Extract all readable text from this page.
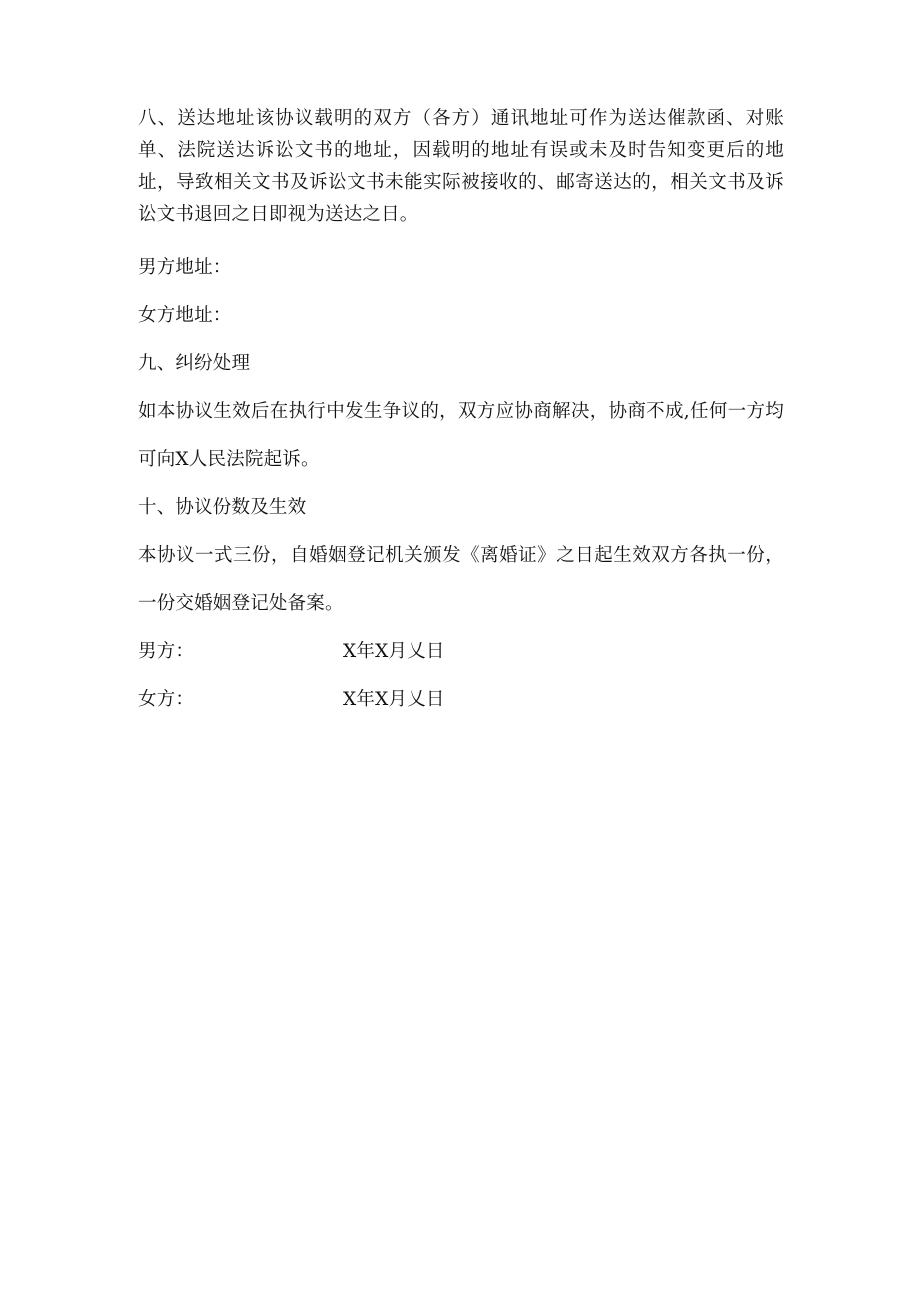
八、送达地址该协议载明的双方（各方）通讯地址可作为送达催款函、对账单、法院送达诉讼文书的地址，因载明的地址有误或未及时告知变更后的地址，导致相关文书及诉讼文书未能实际被接收的、邮寄送达的，相关文书及诉讼文书退回之日即视为送达之日。

男方地址：

女方地址：

九、纠纷处理

如本协议生效后在执行中发生争议的，双方应协商解决，协商不成,任何一方均可向X人民法院起诉。

十、协议份数及生效

本协议一式三份，自婚姻登记机关颁发《离婚证》之日起生效双方各执一份，一份交婚姻登记处备案。

男方：	X年X月乂日
女方：	X年X月乂日
